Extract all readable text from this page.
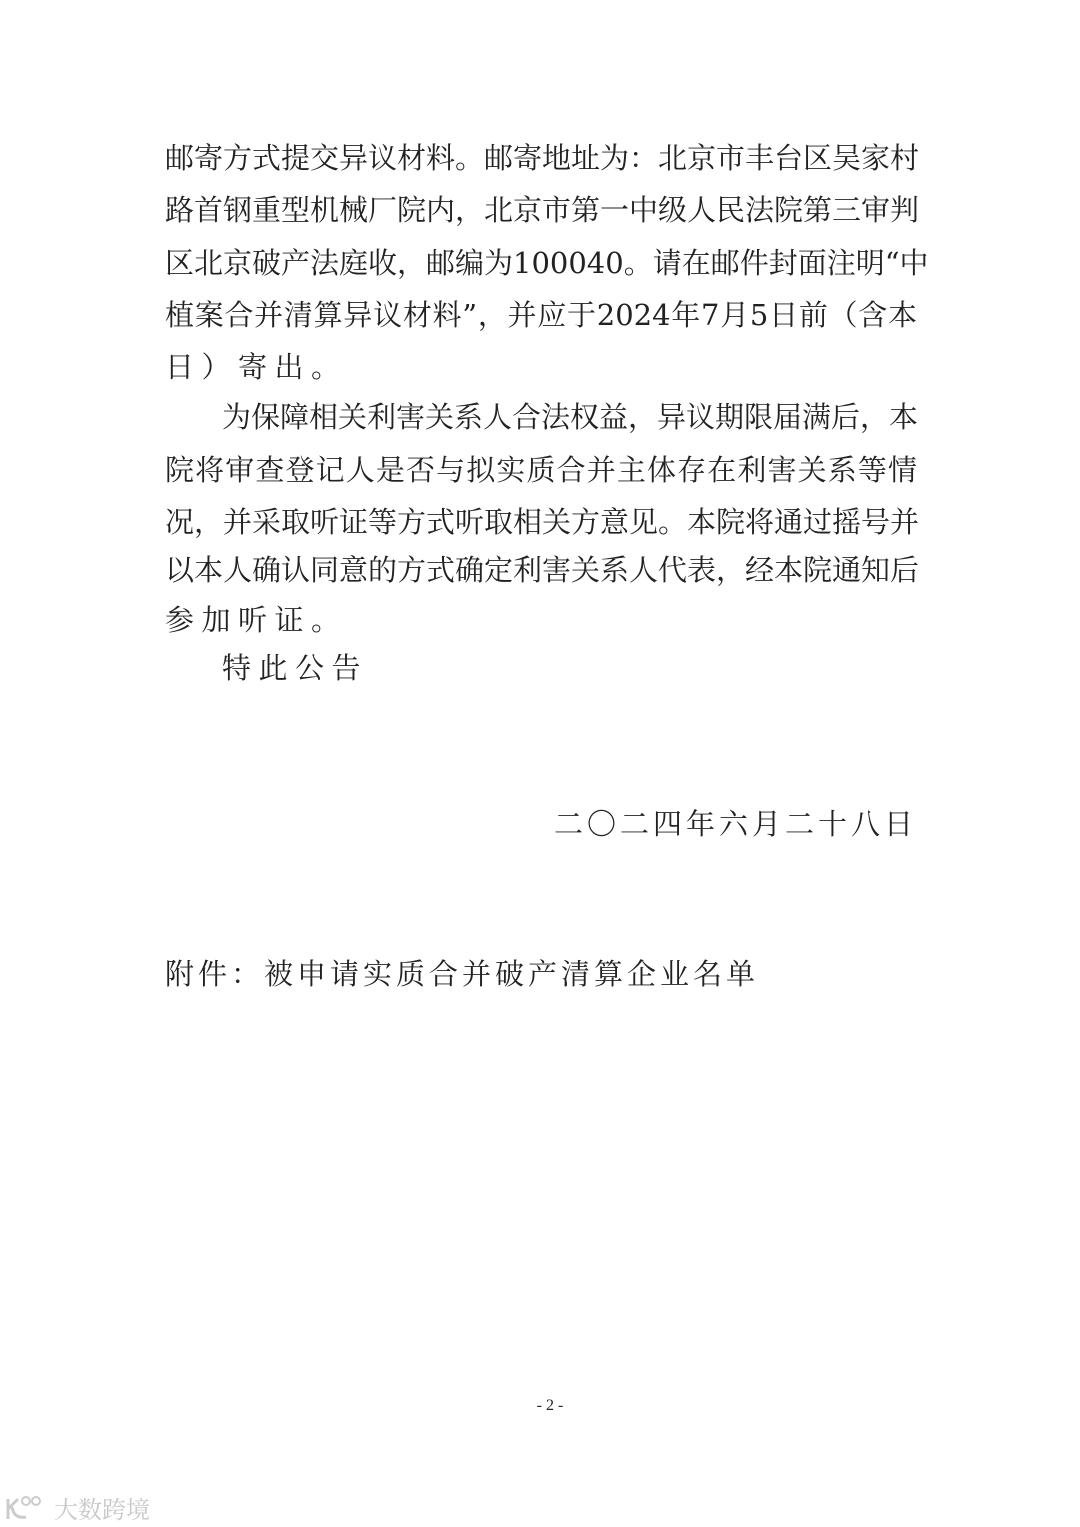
邮寄方式提交异议材料。邮寄地址为：北京市丰台区吴家村
路首钢重型机械厂院内，北京市第一中级人民法院第三审判
区北京破产法庭收，邮编为100040。请在邮件封面注明“中
植案合并清算异议材料”，并应于2024年7月5日前（含本
日）寄出。
为保障相关利害关系人合法权益，异议期限届满后，本
院将审查登记人是否与拟实质合并主体存在利害关系等情
况，并采取听证等方式听取相关方意见。本院将通过摇号并
以本人确认同意的方式确定利害关系人代表，经本院通知后
参加听证。
特此公告
二〇二四年六月二十八日
附件：被申请实质合并破产清算企业名单
- 2 -
大数跨境
